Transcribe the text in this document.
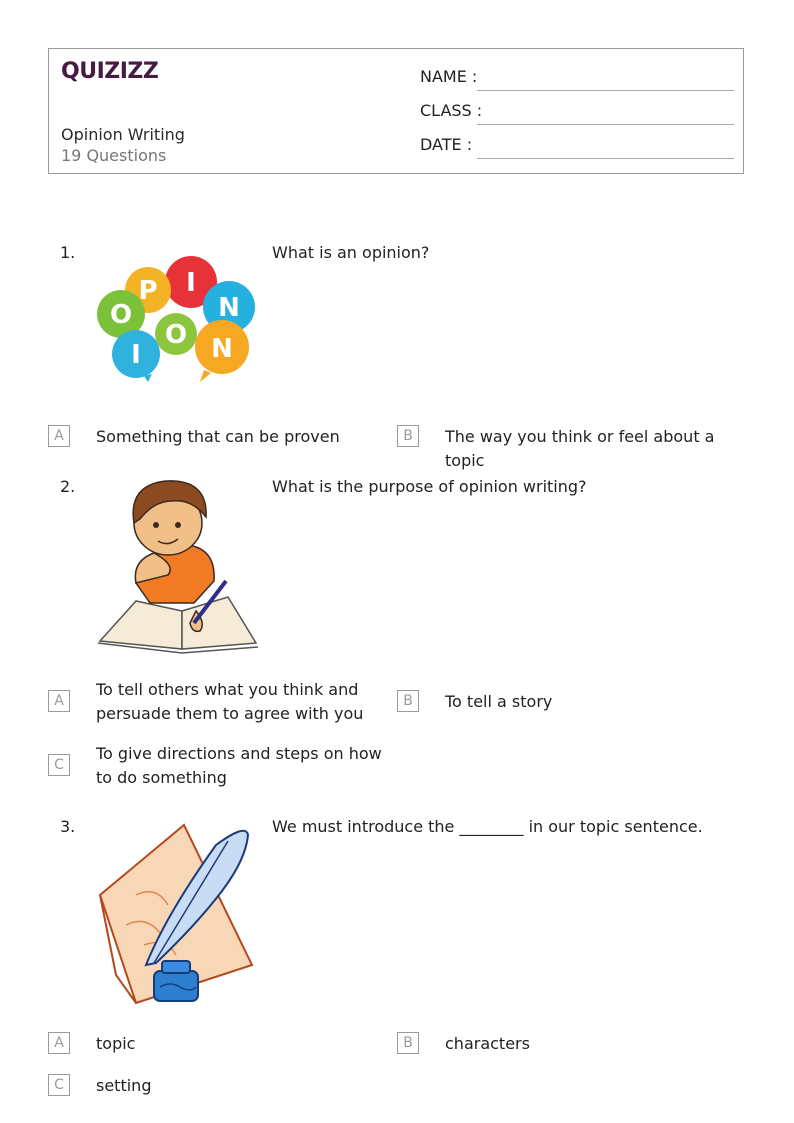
QUIZIZZ
Opinion Writing
19 Questions
NAME :
CLASS :
DATE :
1.	What is an opinion?
O
P I
N
O
I	N
A	Something that can be proven	B	The way you think or feel about a topic
2.	What is the purpose of opinion writing?
A
To tell others what you think and persuade them to agree with you
B	To tell a story
C
To give directions and steps on how to do something
3.	We must introduce the ________ in our topic sentence.
A	topic	B	characters
C	setting
